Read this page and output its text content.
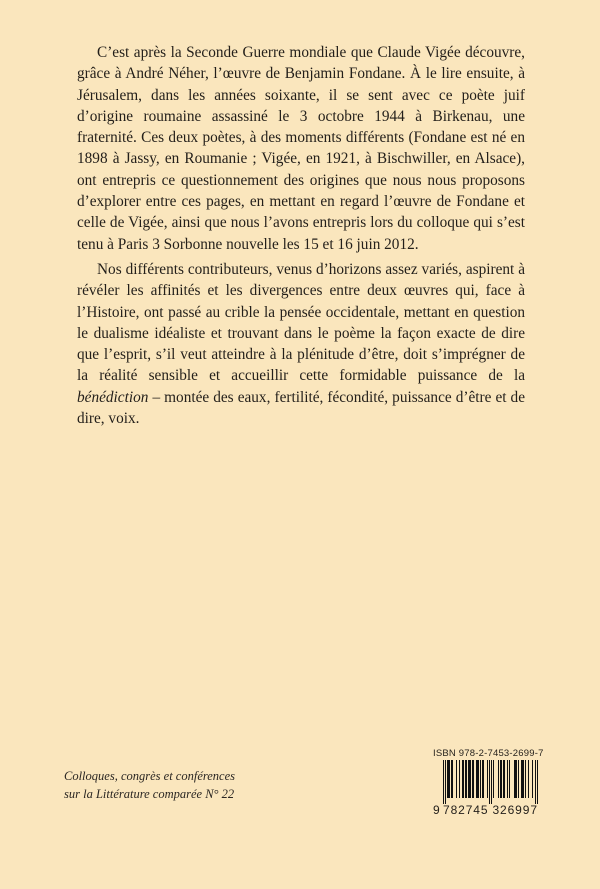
C’est après la Seconde Guerre mondiale que Claude Vigée découvre, grâce à André Néher, l’œuvre de Benjamin Fondane. À le lire ensuite, à Jérusalem, dans les années soixante, il se sent avec ce poète juif d’origine roumaine assassiné le 3 octobre 1944 à Birkenau, une fraternité. Ces deux poètes, à des moments différents (Fondane est né en 1898 à Jassy, en Roumanie ; Vigée, en 1921, à Bischwiller, en Alsace), ont entrepris ce questionnement des origines que nous nous proposons d’explorer entre ces pages, en mettant en regard l’œuvre de Fondane et celle de Vigée, ainsi que nous l’avons entrepris lors du colloque qui s’est tenu à Paris 3 Sorbonne nouvelle les 15 et 16 juin 2012.

Nos différents contributeurs, venus d’horizons assez variés, aspirent à révéler les affinités et les divergences entre deux œuvres qui, face à l’Histoire, ont passé au crible la pensée occidentale, mettant en question le dualisme idéaliste et trouvant dans le poème la façon exacte de dire que l’esprit, s’il veut atteindre à la plénitude d’être, doit s’imprégner de la réalité sensible et accueillir cette formidable puissance de la bénédiction – montée des eaux, fertilité, fécondité, puissance d’être et de dire, voix.

Colloques, congrès et conférences
sur la Littérature comparée N° 22
ISBN 978-2-7453-2699-7
9 782745 326997
